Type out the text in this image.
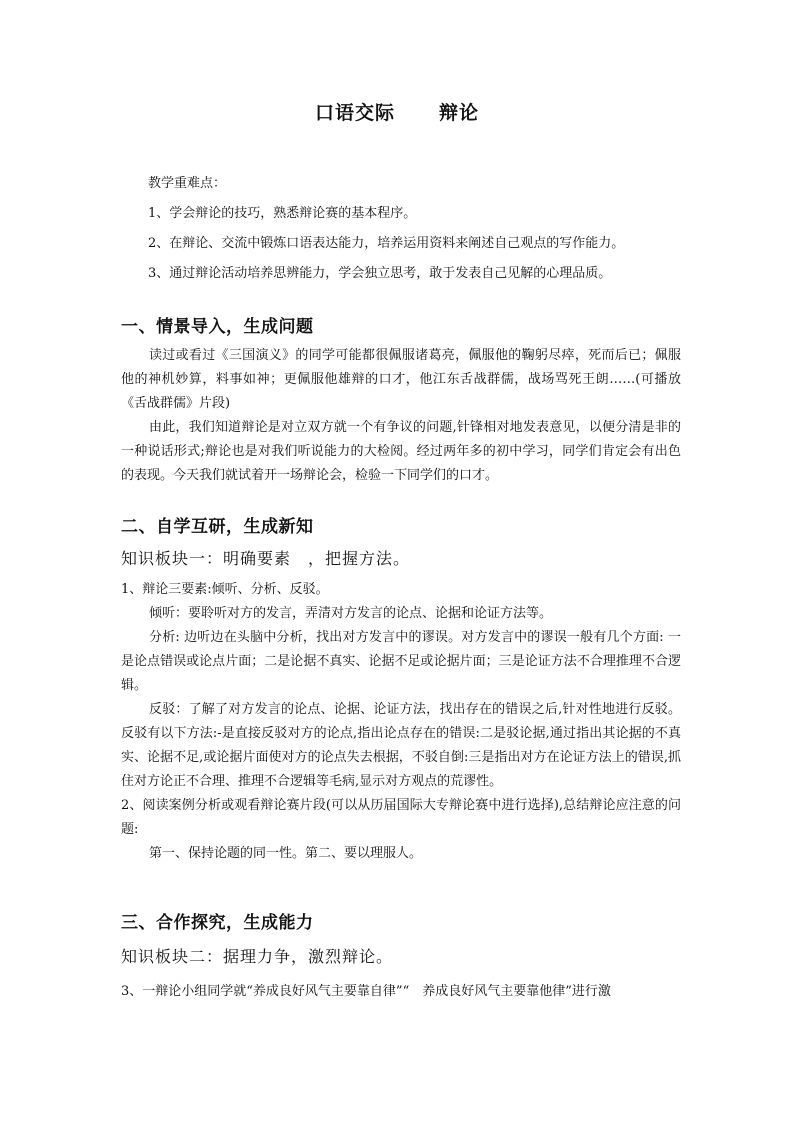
口语交际 辩论

教学重难点：

1、学会辩论的技巧，熟悉辩论赛的基本程序。

2、在辩论、交流中锻炼口语表达能力，培养运用资料来阐述自己观点的写作能力。

3、通过辩论活动培养思辨能力，学会独立思考，敢于发表自己见解的心理品质。

一、情景导入，生成问题

读过或看过《三国演义》的同学可能都很佩服诸葛亮，佩服他的鞠躬尽瘁，死而后已；佩服他的神机妙算，料事如神；更佩服他雄辩的口才，他江东舌战群儒，战场骂死王朗……(可播放《舌战群儒》片段)

由此，我们知道辩论是对立双方就一个有争议的问题,针锋相对地发表意见，以便分清是非的一种说话形式;辩论也是对我们听说能力的大检阅。经过两年多的初中学习，同学们肯定会有出色的表现。今天我们就试着开一场辩论会，检验一下同学们的口才。

二、自学互研，生成新知
知识板块一：明确要素　，把握方法。

1、辩论三要素:倾听、分析、反驳。

倾听：要聆听对方的发言，弄清对方发言的论点、论据和论证方法等。

分析: 边听边在头脑中分析，找出对方发言中的谬误。对方发言中的谬误一般有几个方面: 一是论点错误或论点片面；二是论据不真实、论据不足或论据片面；三是论证方法不合理推理不合逻辑。

反驳：了解了对方发言的论点、论据、论证方法，找出存在的错误之后,针对性地进行反驳。反驳有以下方法:-是直接反驳对方的论点,指出论点存在的错误:二是驳论据,通过指出其论据的不真实、论据不足,或论据片面使对方的论点失去根据，不驳自倒:三是指出对方在论证方法上的错误,抓住对方论正不合理、推理不合逻辑等毛病,显示对方观点的荒谬性。

2、阅读案例分析或观看辩论赛片段(可以从历届国际大专辩论赛中进行选择),总结辩论应注意的问题:

第一、保持论题的同一性。第二、要以理服人。

三、合作探究，生成能力
知识板块二：据理力争，激烈辩论。

3、一辩论小组同学就“养成良好风气主要靠自律”“　养成良好风气主要靠他律”进行激
